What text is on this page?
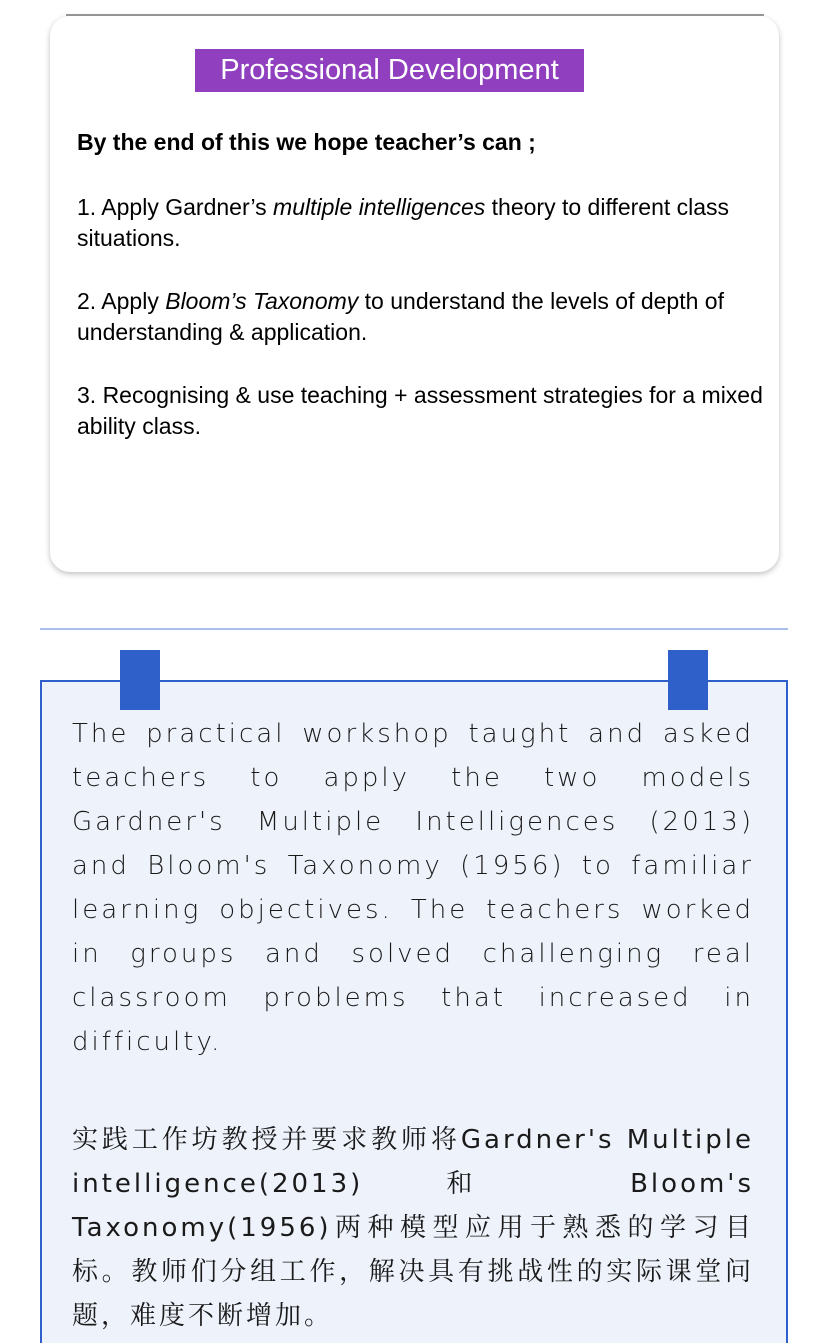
Professional Development
By the end of this we hope teacher’s can ;
1. Apply Gardner’s multiple intelligences theory to different class situations.
2. Apply Bloom’s Taxonomy to understand the levels of depth of understanding & application.
3. Recognising & use teaching + assessment strategies for a mixed ability class.
The practical workshop taught and asked teachers to apply the two models Gardner's Multiple Intelligences (2013) and Bloom's Taxonomy (1956) to familiar learning objectives. The teachers worked in groups and solved challenging real classroom problems that increased in difficulty.
实践工作坊教授并要求教师将Gardner's Multiple intelligence(2013) 和 Bloom's Taxonomy(1956)两种模型应用于熟悉的学习目标。教师们分组工作，解决具有挑战性的实际课堂问题，难度不断增加。
